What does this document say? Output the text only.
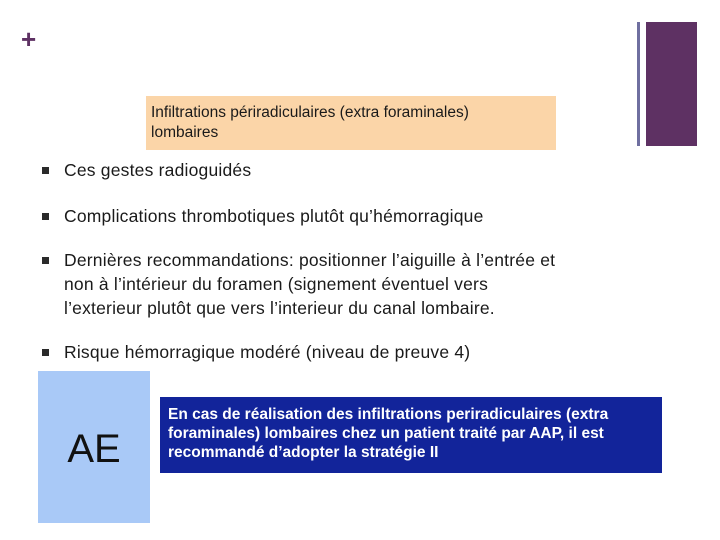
+
Infiltrations périradiculaires (extra foraminales)
lombaires
Ces gestes radioguidés
Complications thrombotiques plutôt qu’hémorragique
Dernières recommandations: positionner l’aiguille à l’entrée et
non à l’intérieur du foramen (signement éventuel vers
l’exterieur plutôt que vers l’interieur du canal lombaire.
Risque hémorragique modéré (niveau de preuve 4)
AE
En cas de réalisation des infiltrations periradiculaires (extra
foraminales) lombaires chez un patient traité par AAP, il est
recommandé d’adopter la stratégie II
